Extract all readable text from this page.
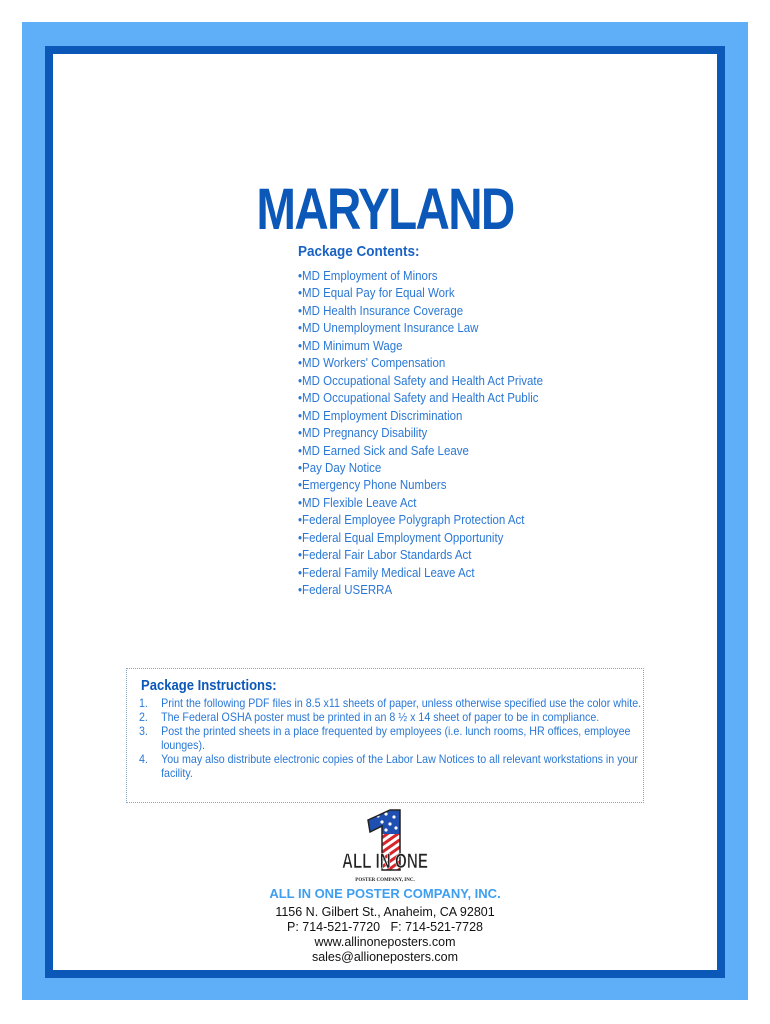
MARYLAND
Package Contents:
• MD Employment of Minors
• MD Equal Pay for Equal Work
• MD Health Insurance Coverage
• MD Unemployment Insurance Law
• MD Minimum Wage
• MD Workers' Compensation
• MD Occupational Safety and Health Act Private
• MD Occupational Safety and Health Act Public
• MD Employment Discrimination
• MD Pregnancy Disability
• MD Earned Sick and Safe Leave
• Pay Day Notice
• Emergency Phone Numbers
• MD Flexible Leave Act
• Federal Employee Polygraph Protection Act
• Federal Equal Employment Opportunity
• Federal Fair Labor Standards Act
• Federal Family Medical Leave Act
• Federal USERRA
Package Instructions:
1. Print the following PDF files in 8.5 x11 sheets of paper, unless otherwise specified use the color white.
2. The Federal OSHA poster must be printed in an 8 ½ x 14 sheet of paper to be in compliance.
3. Post the printed sheets in a place frequented by employees (i.e. lunch rooms, HR offices, employee lounges).
4. You may also distribute electronic copies of the Labor Law Notices to all relevant workstations in your facility.
ALL IN ONE
POSTER COMPANY, INC.

ALL IN ONE POSTER COMPANY, INC.

1156 N. Gilbert St., Anaheim, CA 92801

P: 714-521-7720   F: 714-521-7728

www.allinoneposters.com

sales@allioneposters.com
